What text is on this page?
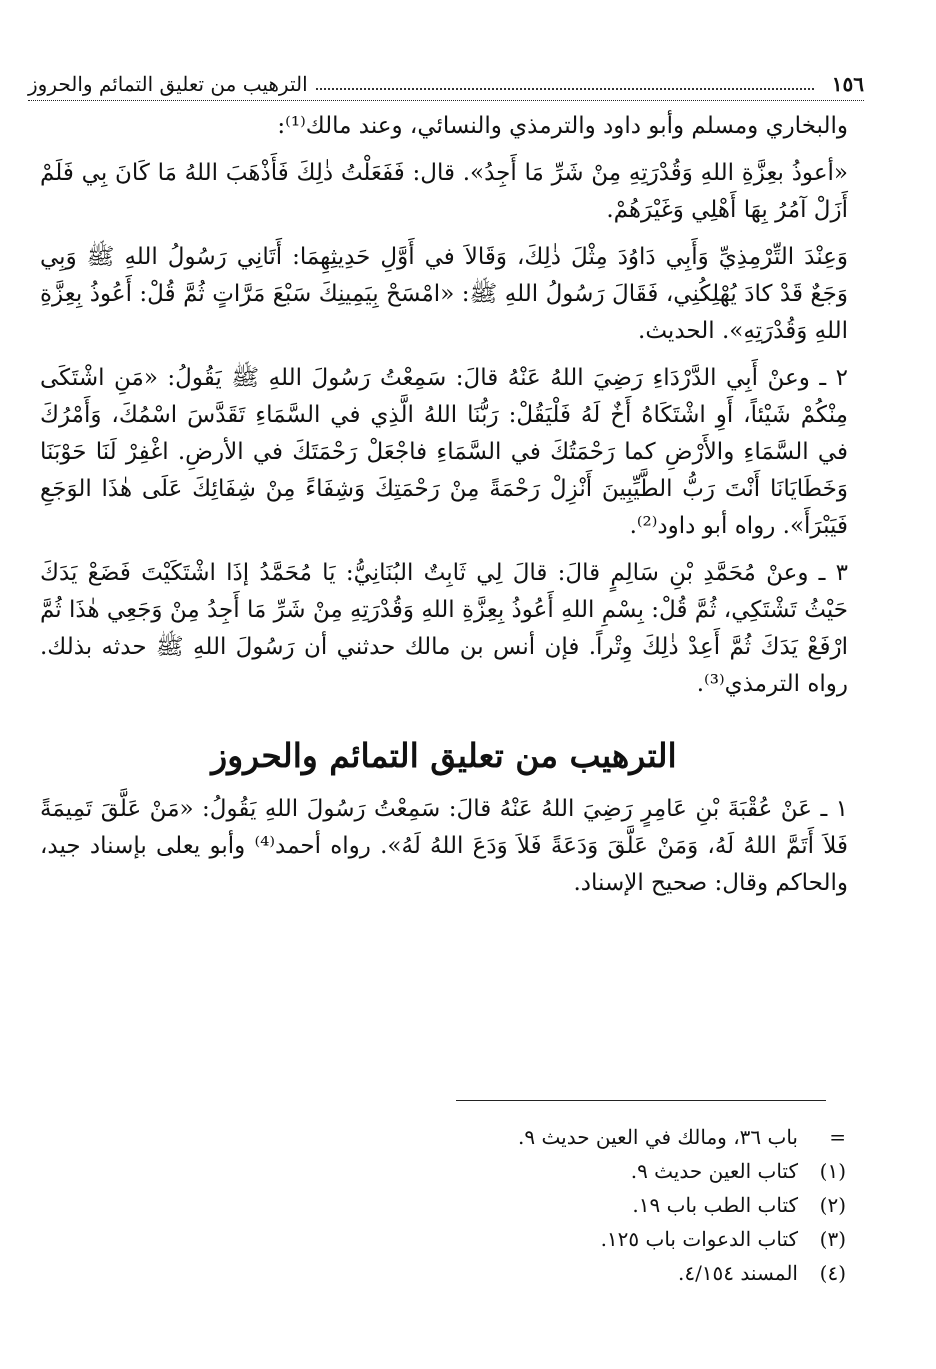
١٥٦
الترهيب من تعليق التمائم والحروز

والبخاري ومسلم وأبو داود والترمذي والنسائي، وعند مالك⁽¹⁾:

«أعوذُ بعِزَّةِ اللهِ وَقُدْرَتِهِ مِنْ شَرِّ مَا أَجِدُ». قال: فَفَعَلْتُ ذٰلِكَ فَأَذْهَبَ اللهُ مَا كَانَ بِي فَلَمْ أَزَلْ آمُرُ بِهَا أَهْلِي وَغَيْرَهُمْ.

وَعِنْدَ التِّرْمِذِيِّ وَأَبِي دَاوُدَ مِثْلَ ذٰلِكَ، وَقَالاَ في أَوَّلِ حَدِيثِهِمَا: أَتَانِي رَسُولُ اللهِ ﷺ وَبِي وَجَعٌ قَدْ كادَ يُهْلِكُنِي، فَقَالَ رَسُولُ اللهِ ﷺ: «امْسَحْ بِيَمِينِكَ سَبْعَ مَرَّاتٍ ثُمَّ قُلْ: أَعُوذُ بِعِزَّةِ اللهِ وَقُدْرَتِهِ». الحديث.

٢ ـ وعنْ أَبِي الدَّرْدَاءِ رَضِيَ اللهُ عَنْهُ قالَ: سَمِعْتُ رَسُولَ اللهِ ﷺ يَقُولُ: «مَنِ اشْتَكَى مِنْكُمْ شَيْئاً، أَوِ اشْتَكَاهُ أَخٌ لَهُ فَلْيَقُلْ: رَبُّنَا اللهُ الَّذِي في السَّمَاءِ تَقَدَّسَ اسْمُكَ، وَأَمْرُكَ في السَّمَاءِ والأَرْضِ كما رَحْمَتُكَ في السَّمَاءِ فاجْعَلْ رَحْمَتَكَ في الأرضِ. اغْفِرْ لَنَا حَوْبَنَا وَخَطَايَانَا أَنْتَ رَبُّ الطَّيِّبِينَ أَنْزِلْ رَحْمَةً مِنْ رَحْمَتِكَ وَشِفَاءً مِنْ شِفَائِكَ عَلَى هٰذَا الوَجَعِ فَيَبْرَأَ». رواه أبو داود⁽²⁾.

٣ ـ وعنْ مُحَمَّدِ بْنِ سَالِمٍ قالَ: قالَ لِي ثَابِتٌ البُنَانِيُّ: يَا مُحَمَّدُ إذَا اشْتَكَيْتَ فَضَعْ يَدَكَ حَيْثُ تَشْتَكِي، ثُمَّ قُلْ: بِسْمِ اللهِ أَعُوذُ بِعِزَّةِ اللهِ وَقُدْرَتِهِ مِنْ شَرِّ مَا أَجِدُ مِنْ وَجَعِي هٰذَا ثُمَّ ارْفَعْ يَدَكَ ثُمَّ أَعِدْ ذٰلِكَ وِتْراً. فإن أنس بن مالك حدثني أن رَسُولَ اللهِ ﷺ حدثه بذلك. رواه الترمذي⁽³⁾.

الترهيب من تعليق التمائم والحروز

١ ـ عَنْ عُقْبَةَ بْنِ عَامِرٍ رَضِيَ اللهُ عَنْهُ قالَ: سَمِعْتُ رَسُولَ اللهِ يَقُولُ: «مَنْ عَلَّقَ تَمِيمَةً فَلاَ أَتَمَّ اللهُ لَهُ، وَمَنْ عَلَّقَ وَدَعَةً فَلاَ وَدَعَ اللهُ لَهُ». رواه أحمد⁽⁴⁾ وأبو يعلى بإسناد جيد، والحاكم وقال: صحيح الإسناد.

=
باب ٣٦، ومالك في العين حديث ٩.
(١)
كتاب العين حديث ٩.
(٢)
كتاب الطب باب ١٩.
(٣)
كتاب الدعوات باب ١٢٥.
(٤)
المسند ٤/١٥٤.
